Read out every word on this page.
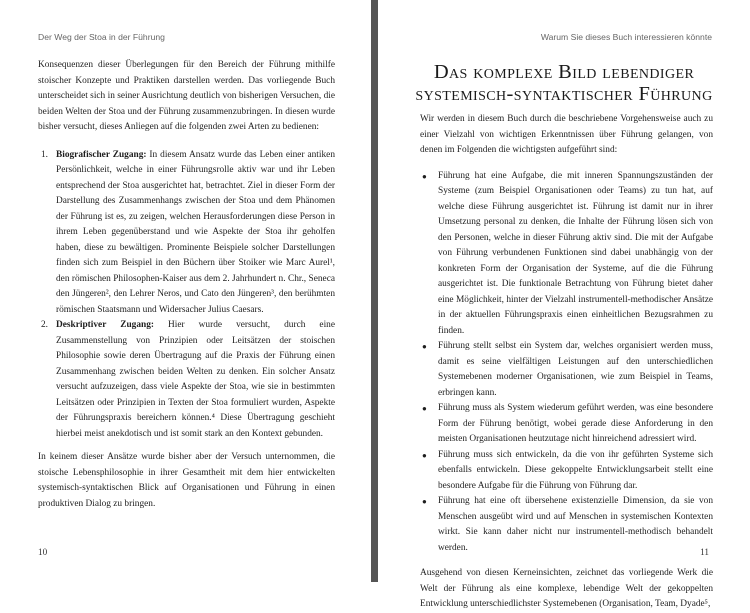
Der Weg der Stoa in der Führung

Konsequenzen dieser Überlegungen für den Bereich der Führung mithilfe stoischer Konzepte und Praktiken darstellen werden. Das vorliegende Buch unterscheidet sich in seiner Ausrichtung deutlich von bisherigen Versuchen, die beiden Welten der Stoa und der Führung zusammenzubringen. In diesen wurde bisher versucht, dieses Anliegen auf die folgenden zwei Arten zu bedienen:

1. Biografischer Zugang: In diesem Ansatz wurde das Leben einer antiken Persönlichkeit, welche in einer Führungsrolle aktiv war und ihr Leben entsprechend der Stoa ausgerichtet hat, betrachtet. Ziel in dieser Form der Darstellung des Zusammenhangs zwischen der Stoa und dem Phänomen der Führung ist es, zu zeigen, welchen Herausforderungen diese Person in ihrem Leben gegenüberstand und wie Aspekte der Stoa ihr geholfen haben, diese zu bewältigen. Prominente Beispiele solcher Darstellungen finden sich zum Beispiel in den Büchern über Stoiker wie Marc Aurel¹, den römischen Philosophen-Kaiser aus dem 2. Jahrhundert n. Chr., Seneca den Jüngeren², den Lehrer Neros, und Cato den Jüngeren³, den berühmten römischen Staatsmann und Widersacher Julius Caesars.
2. Deskriptiver Zugang: Hier wurde versucht, durch eine Zusammenstellung von Prinzipien oder Leitsätzen der stoischen Philosophie sowie deren Übertragung auf die Praxis der Führung einen Zusammenhang zwischen beiden Welten zu denken. Ein solcher Ansatz versucht aufzuzeigen, dass viele Aspekte der Stoa, wie sie in bestimmten Leitsätzen oder Prinzipien in Texten der Stoa formuliert wurden, Aspekte der Führungspraxis bereichern können.⁴ Diese Übertragung geschieht hierbei meist anekdotisch und ist somit stark an den Kontext gebunden.

In keinem dieser Ansätze wurde bisher aber der Versuch unternommen, die stoische Lebensphilosophie in ihrer Gesamtheit mit dem hier entwickelten systemisch-syntaktischen Blick auf Organisationen und Führung in einen produktiven Dialog zu bringen.

10
Warum Sie dieses Buch interessieren könnte

Wir werden in diesem Buch durch die beschriebene Vorgehensweise auch zu einer Vielzahl von wichtigen Erkenntnissen über Führung gelangen, von denen im Folgenden die wichtigsten aufgeführt sind:

● Führung hat eine Aufgabe, die mit inneren Spannungszuständen der Systeme (zum Beispiel Organisationen oder Teams) zu tun hat, auf welche diese Führung ausgerichtet ist. Führung ist damit nur in ihrer Umsetzung personal zu denken, die Inhalte der Führung lösen sich von den Personen, welche in dieser Führung aktiv sind. Die mit der Aufgabe von Führung verbundenen Funktionen sind dabei unabhängig von der konkreten Form der Organisation der Systeme, auf die die Führung ausgerichtet ist. Die funktionale Betrachtung von Führung bietet daher eine Möglichkeit, hinter der Vielzahl instrumentell-methodischer Ansätze in der aktuellen Führungspraxis einen einheitlichen Bezugsrahmen zu finden.
● Führung stellt selbst ein System dar, welches organisiert werden muss, damit es seine vielfältigen Leistungen auf den unterschiedlichen Systemebenen moderner Organisationen, wie zum Beispiel in Teams, erbringen kann.
● Führung muss als System wiederum geführt werden, was eine besondere Form der Führung benötigt, wobei gerade diese Anforderung in den meisten Organisationen heutzutage nicht hinreichend adressiert wird.
● Führung muss sich entwickeln, da die von ihr geführten Systeme sich ebenfalls entwickeln. Diese gekoppelte Entwicklungsarbeit stellt eine besondere Aufgabe für die Führung von Führung dar.
● Führung hat eine oft übersehene existenzielle Dimension, da sie von Menschen ausgeübt wird und auf Menschen in systemischen Kontexten wirkt. Sie kann daher nicht nur instrumentell-methodisch behandelt werden.

Ausgehend von diesen Kerneinsichten, zeichnet das vorliegende Werk die Welt der Führung als eine komplexe, lebendige Welt der gekoppelten Entwicklung unterschiedlichster Systemebenen (Organisation, Team, Dyade⁵,

11
Das komplexe Bild lebendiger
systemisch-syntaktischer Führung
